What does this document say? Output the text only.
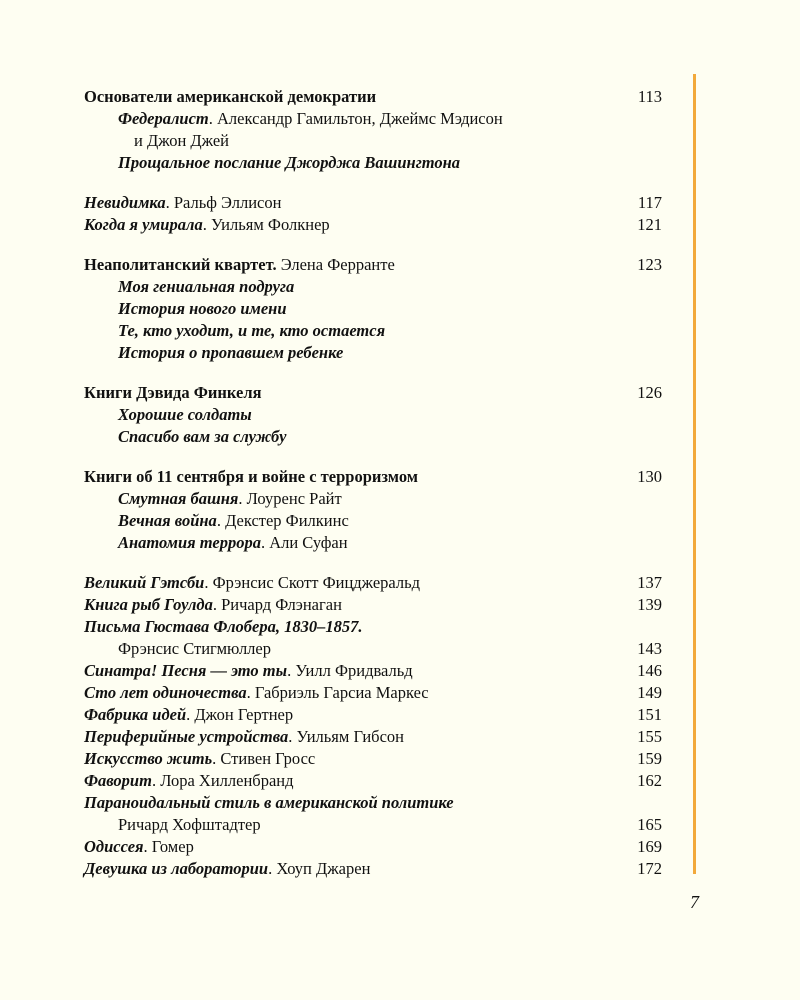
Основатели американской демократии	113
Федералист. Александр Гамильтон, Джеймс Мэдисон
и Джон Джей
Прощальное послание Джорджа Вашингтона
Невидимка. Ральф Эллисон	117
Когда я умирала. Уильям Фолкнер	121
Неаполитанский квартет. Элена Ферранте	123
Моя гениальная подруга
История нового имени
Те, кто уходит, и те, кто остается
История о пропавшем ребенке
Книги Дэвида Финкеля	126
Хорошие солдаты
Спасибо вам за службу
Книги об 11 сентября и войне с терроризмом	130
Смутная башня. Лоуренс Райт
Вечная война. Декстер Филкинс
Анатомия террора. Али Суфан
Великий Гэтсби. Фрэнсис Скотт Фицджеральд	137
Книга рыб Гоулда. Ричард Флэнаган	139
Письма Гюстава Флобера, 1830–1857.
Фрэнсис Стигмюллер	143
Синатра! Песня — это ты. Уилл Фридвальд	146
Сто лет одиночества. Габриэль Гарсиа Маркес	149
Фабрика идей. Джон Гертнер	151
Периферийные устройства. Уильям Гибсон	155
Искусство жить. Стивен Гросс	159
Фаворит. Лора Хилленбранд	162
Параноидальный стиль в американской политике
Ричард Хофштадтер	165
Одиссея. Гомер	169
Девушка из лаборатории. Хоуп Джарен	172
7
